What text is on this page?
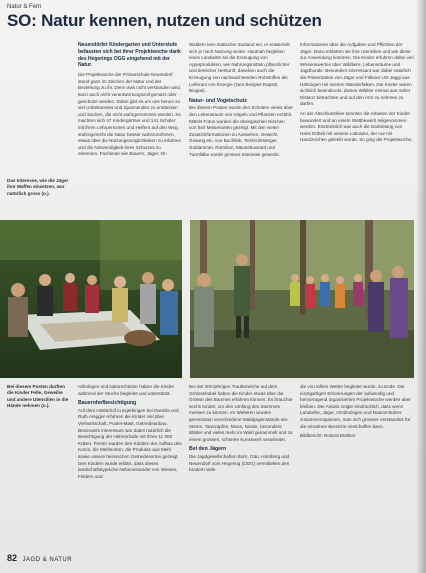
Natur & Fern
SO: Natur kennen, nutzen und schützen

Neuendörfer Kindergarten und Unterstufe befassten sich bei ihrer Projektwoche dank des Hegerings OGG eingehend mit der Natur.

Die Projektwoche der Primarschule Neuendorf stand ganz im Zeichen der Natur und der Beziehung zu ihr. Denn was nicht verstanden wird, kann auch nicht verantwortungsvoll genutzt oder geschützt werden. Dabei gibt es um uns herum so viel Unbekanntes und Spannendes zu entdecken und Sachen, die nicht wahrgenommen werden. So machten sich 47 Kindergärtner und 141 Schüler mit ihren Lehrpersonen und Helfern auf den Weg, stufengerecht die Natur besser wahrzunehmen, etwas über die Nutzungsmöglichkeiten zu erfahren und die Notwendigkeit ihres Schutzes zu erkennen. Fachleute wie Bauern, Jäger, Or-

Waldern kein statischer Zustand sei, er entwickelt sich je nach Nutzung weiter. Hautnah begleiten eines Landwirts sei die Erzeugung von Agrarprodukten, wie Nahrungsmitteln pflanzlicher und tierischer Herkunft, daneben auch die Erzeugung von nachwachsenden Rohstoffen als Lieferant von Energie (zum Beispiel Rapsöl, Biogas).

Natur- und Vogelschutz

Bei diesem Posten wurde den Schülern vieles über den Lebensraum von Vögeln und Pflanzen erzählt. Mittels Fotos wurden die ökologischen Nischen von fünf Meisenarten gezeigt. Mit den vielen Zusatzinformationen zu Aussehen, Gewicht, Gesang etc. von Buchfink, Teichrohrsänger, Goldammer, Rotmilan, Mäusebussard und Turmfalke wurde grosses Interesse geweckt.

Informationen über die Aufgaben und Pflichten der Jäger. Dazu erklärten sie ihre Utensilien und wie diese zur Anwendung kommen. Die Kinder erfuhren dabei viel Wissenswertes über Wildtiere, Lebensräume und Jagdhunde. Besonders interessant war dabei natürlich die Präsentation von Jäger und Falkner Urs Jäggi aus Härkingen mit seinem Wanderfalken. Die Kinder waren sichtlich beeindruckt, dieses Wildtier einmal aus naher Distanz betrachten und auf den Arm zu nehmen zu dürfen.

An der Abschlussfeier konnten die Arbeiten der Kinder bewundert und an einem Wettbewerb teilgenommen werden. Eindrücklich war auch die Darbietung von Hans Döbeli mit seinem Labrador, der nur mit Handzeichen gelenkt wurde. So ging die Projektwoche,

Das Interesse, wie die Jäger ihre Waffen einsetzen, war natürlich gross (o.).
Bei diesem Posten durften die Kinder Felle, Geweihe und andere Utensilien in die Hände nehmen (u.).

nithologen und Naturschützer haben die Kinder während der Woche begleitet und unterstützt.

Bauernhofbesichtigung

Auf dem Hüslerhof in Egerkingen bei Daniela und Ruth Aregger erfuhren die Kinder viel über Viehwirtschaft, Poulet-Mast, Getreideanbau. Besonders interessant war dabei natürlich die Besichtigung der Hühnerhalle mit ihren 11 000 Küken. Ferner wurden den Kindern der Aufbau des Korns, die Mehlsorten, die Produkte aus Mehl sowie unsere heimischen Getreidesorten gezeigt. Den Kindern wurde erklärt, dass dieses landschaftstypische Nebeneinander von Wiesen, Feldern und

Bei der 200-jährigen Traubeneiche auf dem Schlosshubel haben die Kinder etwas über die Grösse des Baumes erfahren können. Es brauchte sechs Kinder, um den Umfang des Stammes messen zu können. Im Weiteren wurden gemeinsam verschiedene Waldgegenstände wie Steine, Tannzapfen, Moos, Nüsse, besondere Blätter und vieles mehr im Wald gesammelt und zu einem grossen, schönen Kunstwerk verarbeitet.

Bei den Jägern

Die Jagdgesellschaften Born, Gäu, Homberg und Neuendorf vom Hegering (OGG) vermittelten den Kindern viele

die von tollem Wetter begleitet wurde, zu Ende. Die einzigartigen Erinnerungen der aufwendig und hervorragend organisierten Projektwoche werden aber bleiben. Der Anlass zeigte eindrücklich, dass wenn Landwirte, Jäger, Ornithologen und Naturschützer zusammenspannen, man sich grosses Verständnis für die einzelnen Bereiche verschaffen kann.

Bildbericht: Roland Büttiker

82 JAGD & NATUR
